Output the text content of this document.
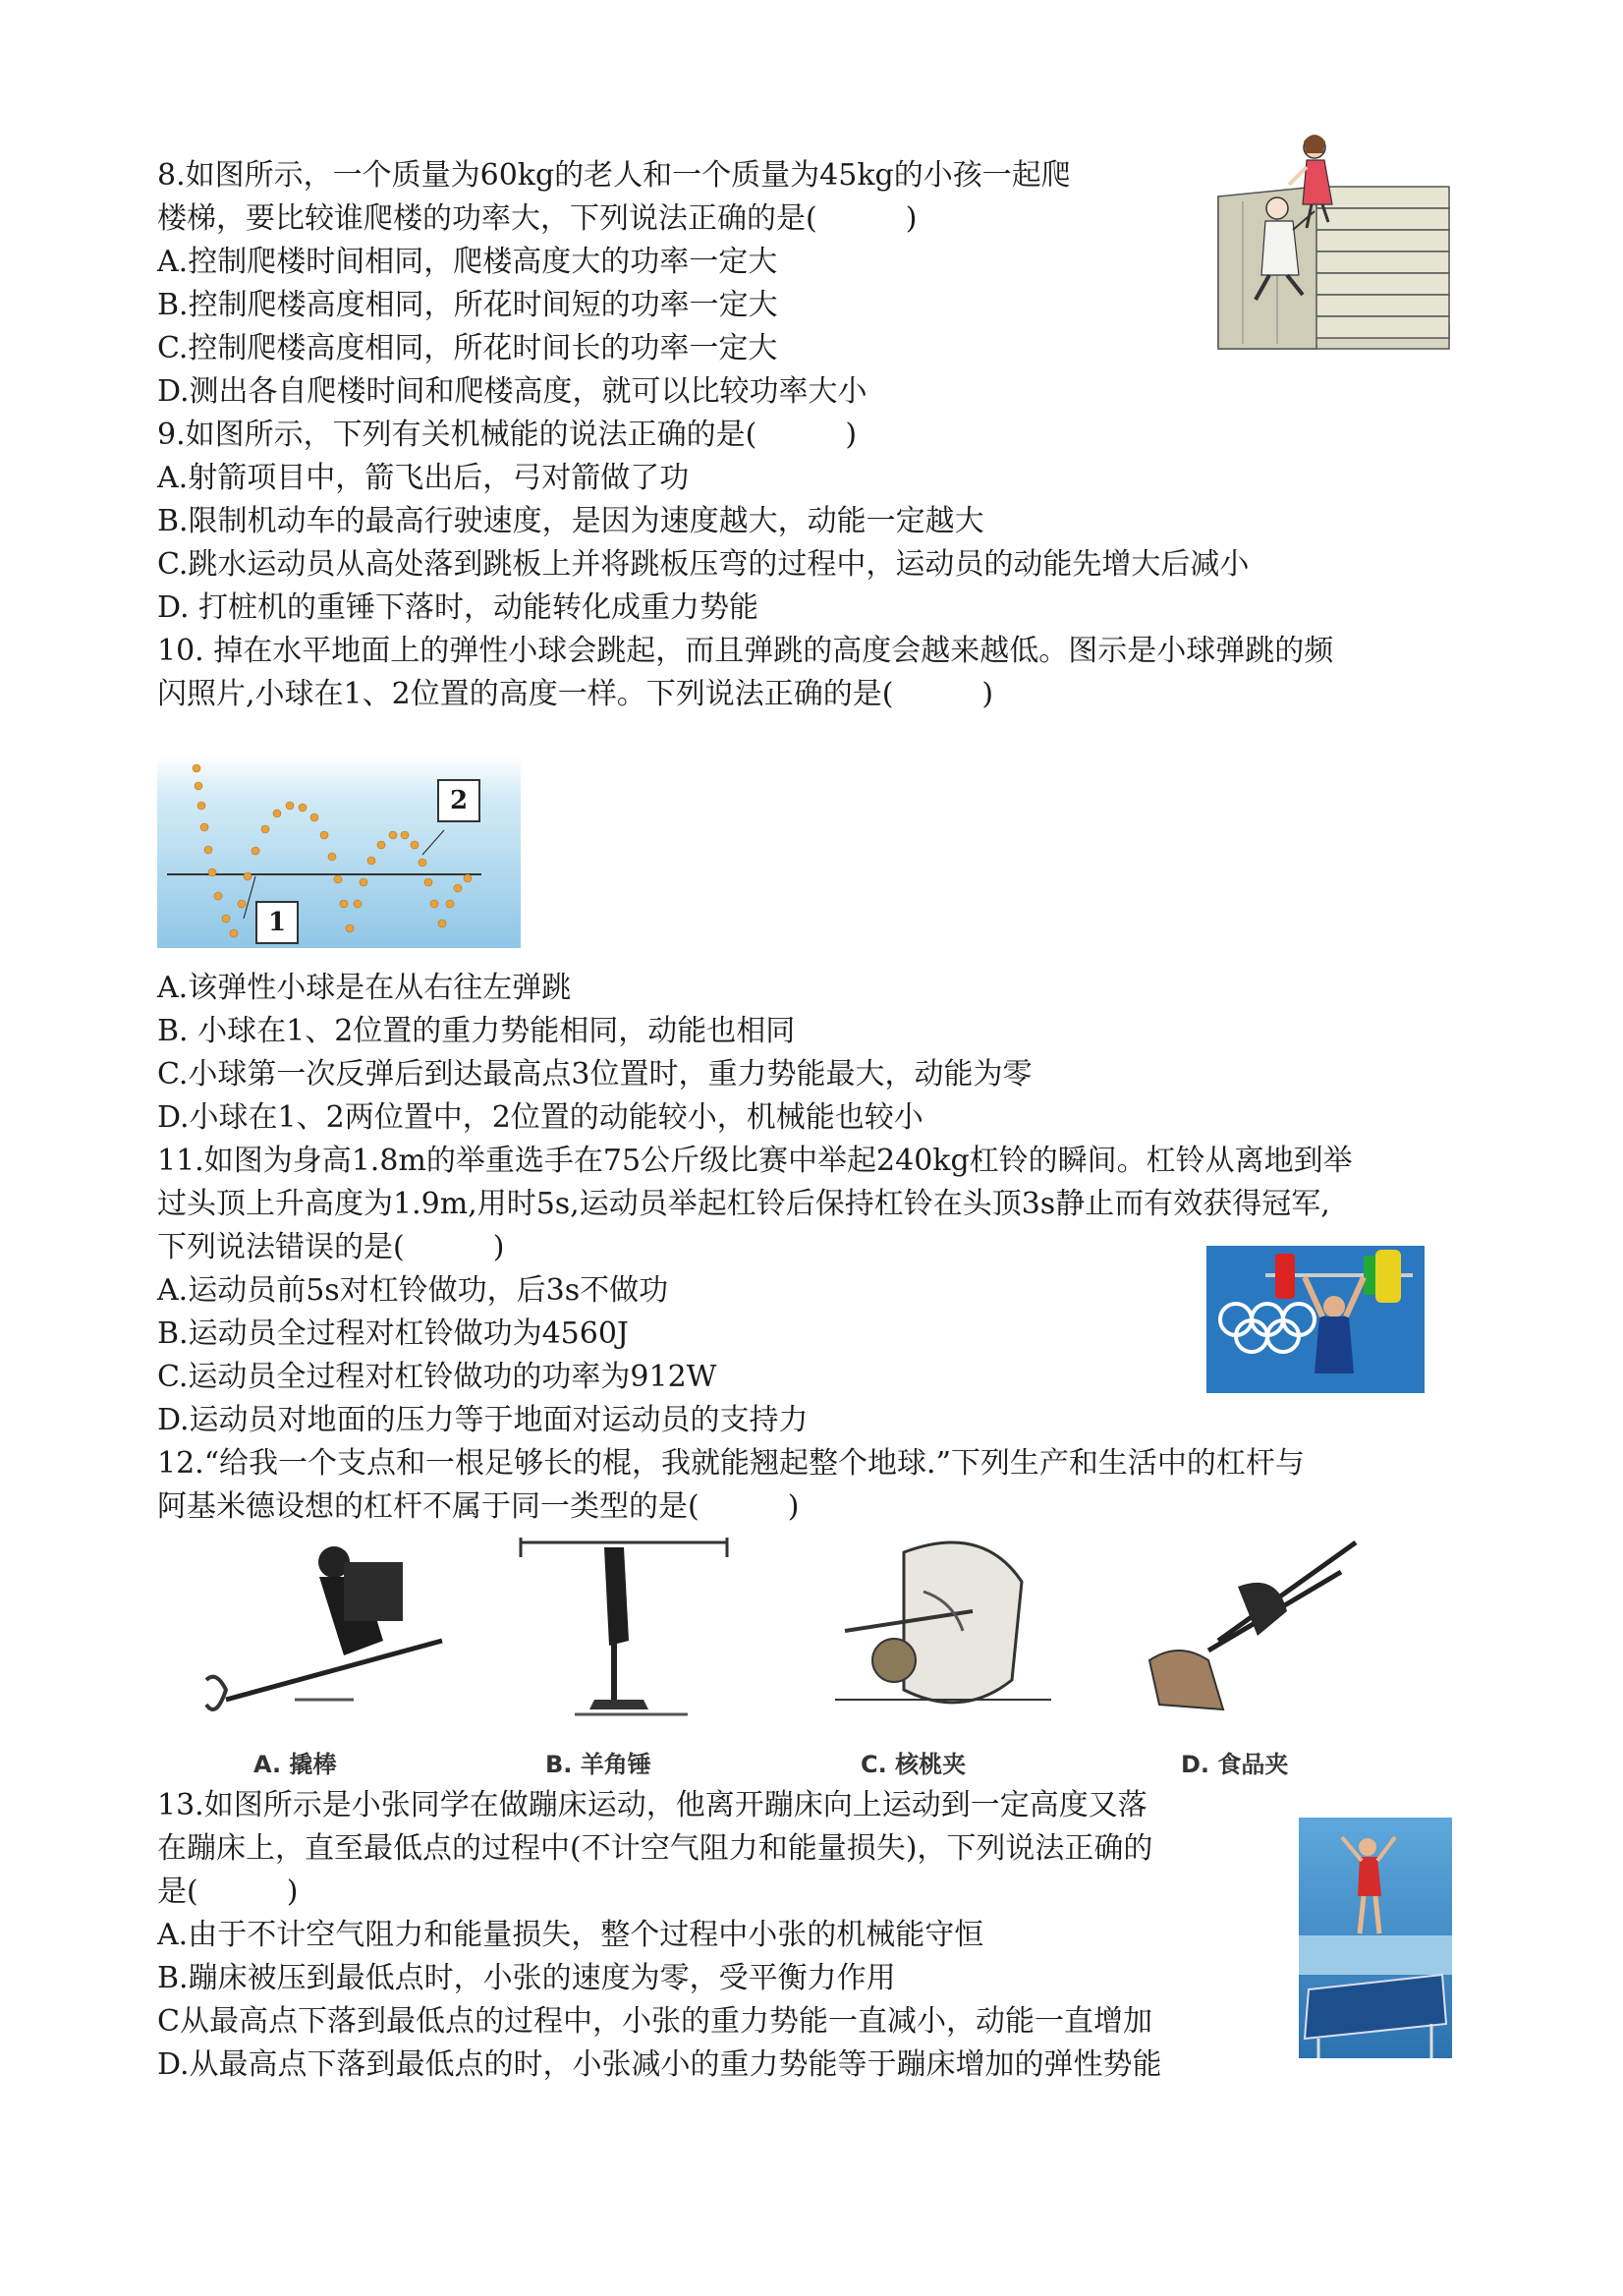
8.如图所示，一个质量为60kg的老人和一个质量为45kg的小孩一起爬
楼梯，要比较谁爬楼的功率大，下列说法正确的是(　　　)
A.控制爬楼时间相同，爬楼高度大的功率一定大
B.控制爬楼高度相同，所花时间短的功率一定大
C.控制爬楼高度相同，所花时间长的功率一定大
D.测出各自爬楼时间和爬楼高度，就可以比较功率大小
9.如图所示，下列有关机械能的说法正确的是(　　　)
A.射箭项目中，箭飞出后，弓对箭做了功
B.限制机动车的最高行驶速度，是因为速度越大，动能一定越大
C.跳水运动员从高处落到跳板上并将跳板压弯的过程中，运动员的动能先增大后减小
D. 打桩机的重锤下落时，动能转化成重力势能
10. 掉在水平地面上的弹性小球会跳起，而且弹跳的高度会越来越低。图示是小球弹跳的频
闪照片,小球在1、2位置的高度一样。下列说法正确的是(　　　)
1
2
A.该弹性小球是在从右往左弹跳
B. 小球在1、2位置的重力势能相同，动能也相同
C.小球第一次反弹后到达最高点3位置时，重力势能最大，动能为零
D.小球在1、2两位置中，2位置的动能较小，机械能也较小
11.如图为身高1.8m的举重选手在75公斤级比赛中举起240kg杠铃的瞬间。杠铃从离地到举
过头顶上升高度为1.9m,用时5s,运动员举起杠铃后保持杠铃在头顶3s静止而有效获得冠军,
下列说法错误的是(　　　)
A.运动员前5s对杠铃做功，后3s不做功
B.运动员全过程对杠铃做功为4560J
C.运动员全过程对杠铃做功的功率为912W
D.运动员对地面的压力等于地面对运动员的支持力
12.“给我一个支点和一根足够长的棍，我就能翘起整个地球.”下列生产和生活中的杠杆与
阿基米德设想的杠杆不属于同一类型的是(　　　)
A. 撬棒	B. 羊角锤	C. 核桃夹	D. 食品夹
13.如图所示是小张同学在做蹦床运动，他离开蹦床向上运动到一定高度又落
在蹦床上，直至最低点的过程中(不计空气阻力和能量损失)，下列说法正确的
是(　　　)
A.由于不计空气阻力和能量损失，整个过程中小张的机械能守恒
B.蹦床被压到最低点时，小张的速度为零，受平衡力作用
C从最高点下落到最低点的过程中，小张的重力势能一直减小，动能一直增加
D.从最高点下落到最低点的时，小张减小的重力势能等于蹦床增加的弹性势能
